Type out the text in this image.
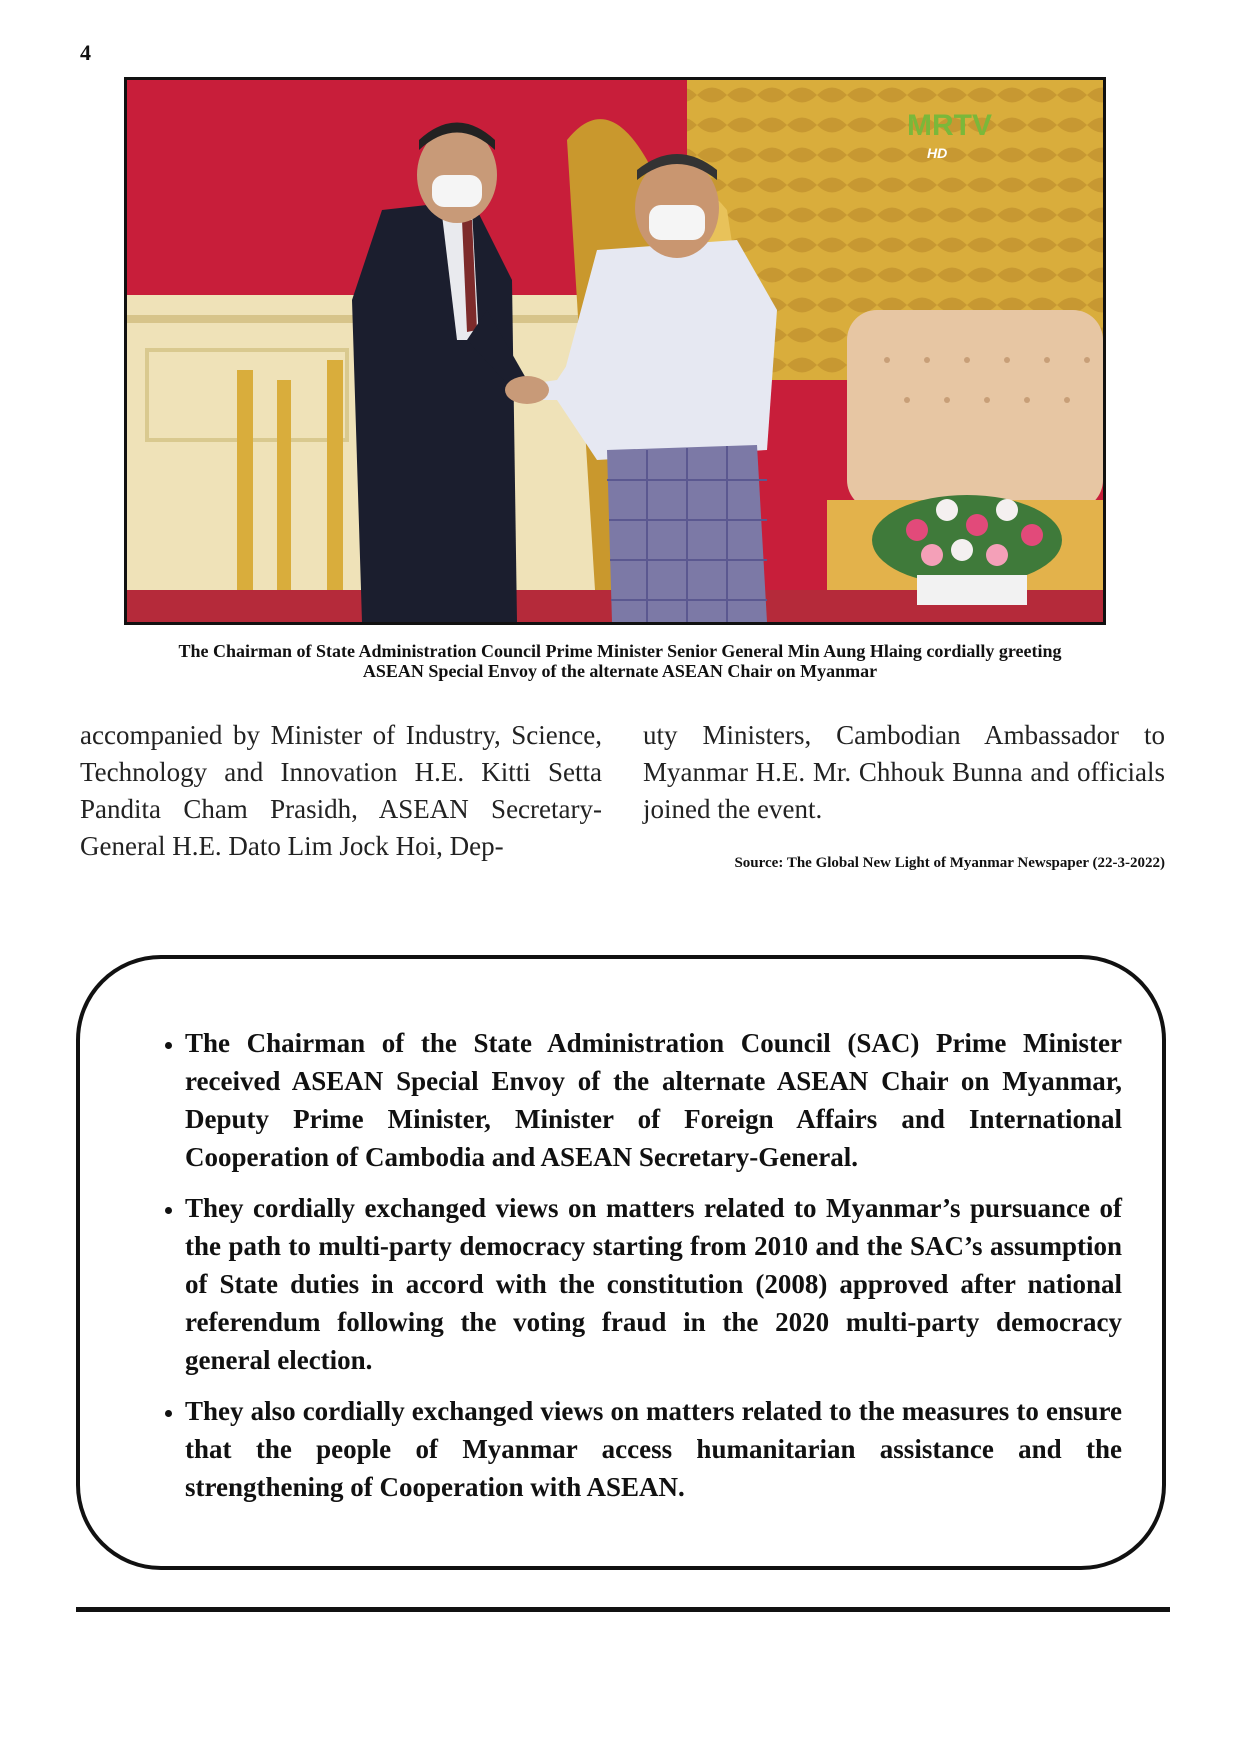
4
MRTV
HD
The Chairman of State Administration Council Prime Minister Senior General Min Aung Hlaing cordially greeting
ASEAN Special Envoy of the alternate ASEAN Chair on Myanmar
accompanied by Minister of Industry, Science, Technology and Innovation H.E. Kitti Setta Pandita Cham Prasidh, ASEAN Secretary-General H.E. Dato Lim Jock Hoi, Dep-
uty Ministers, Cambodian Ambassador to Myanmar H.E. Mr. Chhouk Bunna and officials joined the event.
Source: The Global New Light of Myanmar Newspaper (22-3-2022)
• The Chairman of the State Administration Council (SAC) Prime Minister received ASEAN Special Envoy of the alternate ASEAN Chair on Myanmar, Deputy Prime Minister, Minister of Foreign Affairs and International Cooperation of Cambodia and ASEAN Secretary-General.
• They cordially exchanged views on matters related to Myanmar’s pursuance of the path to multi-party democracy starting from 2010 and the SAC’s assumption of State duties in accord with the constitution (2008) approved after national referendum following the voting fraud in the 2020 multi-party democracy general election.
• They also cordially exchanged views on matters related to the measures to ensure that the people of Myanmar access humanitarian assistance and the strengthening of Cooperation with ASEAN.
